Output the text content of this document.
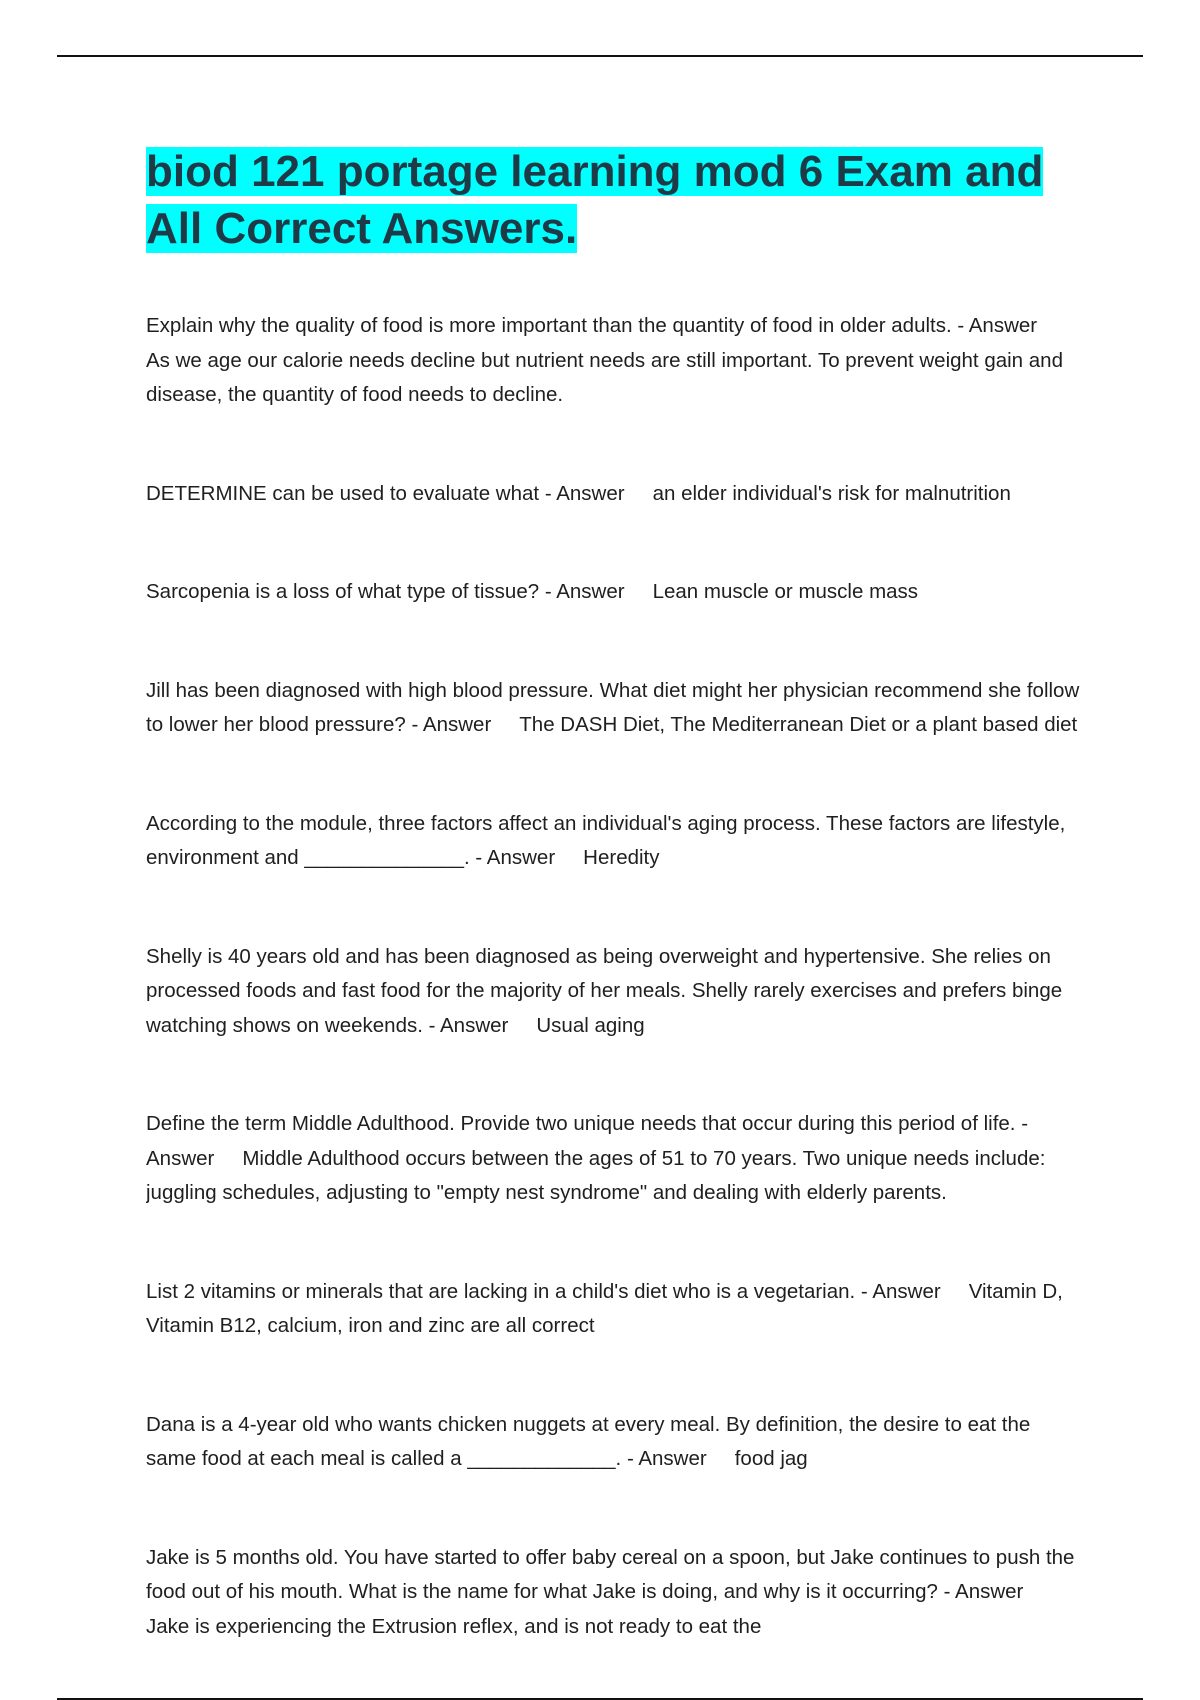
biod 121 portage learning mod 6 Exam and All Correct Answers.

Explain why the quality of food is more important than the quantity of food in older adults. - AnswerAs we age our calorie needs decline but nutrient needs are still important. To prevent weight gain and disease, the quantity of food needs to decline.

DETERMINE can be used to evaluate what - Answer an elder individual's risk for malnutrition

Sarcopenia is a loss of what type of tissue? - Answer Lean muscle or muscle mass

Jill has been diagnosed with high blood pressure. What diet might her physician recommend she follow to lower her blood pressure? - Answer The DASH Diet, The Mediterranean Diet or a plant based diet

According to the module, three factors affect an individual's aging process. These factors are lifestyle, environment and ______________. - Answer Heredity

Shelly is 40 years old and has been diagnosed as being overweight and hypertensive. She relies on processed foods and fast food for the majority of her meals. Shelly rarely exercises and prefers binge watching shows on weekends. - Answer Usual aging

Define the term Middle Adulthood. Provide two unique needs that occur during this period of life. - Answer Middle Adulthood occurs between the ages of 51 to 70 years. Two unique needs include: juggling schedules, adjusting to "empty nest syndrome" and dealing with elderly parents.

List 2 vitamins or minerals that are lacking in a child's diet who is a vegetarian. - Answer Vitamin D, Vitamin B12, calcium, iron and zinc are all correct

Dana is a 4-year old who wants chicken nuggets at every meal. By definition, the desire to eat the same food at each meal is called a _____________. - Answer food jag

Jake is 5 months old. You have started to offer baby cereal on a spoon, but Jake continues to push the food out of his mouth. What is the name for what Jake is doing, and why is it occurring? - AnswerJake is experiencing the Extrusion reflex, and is not ready to eat the
